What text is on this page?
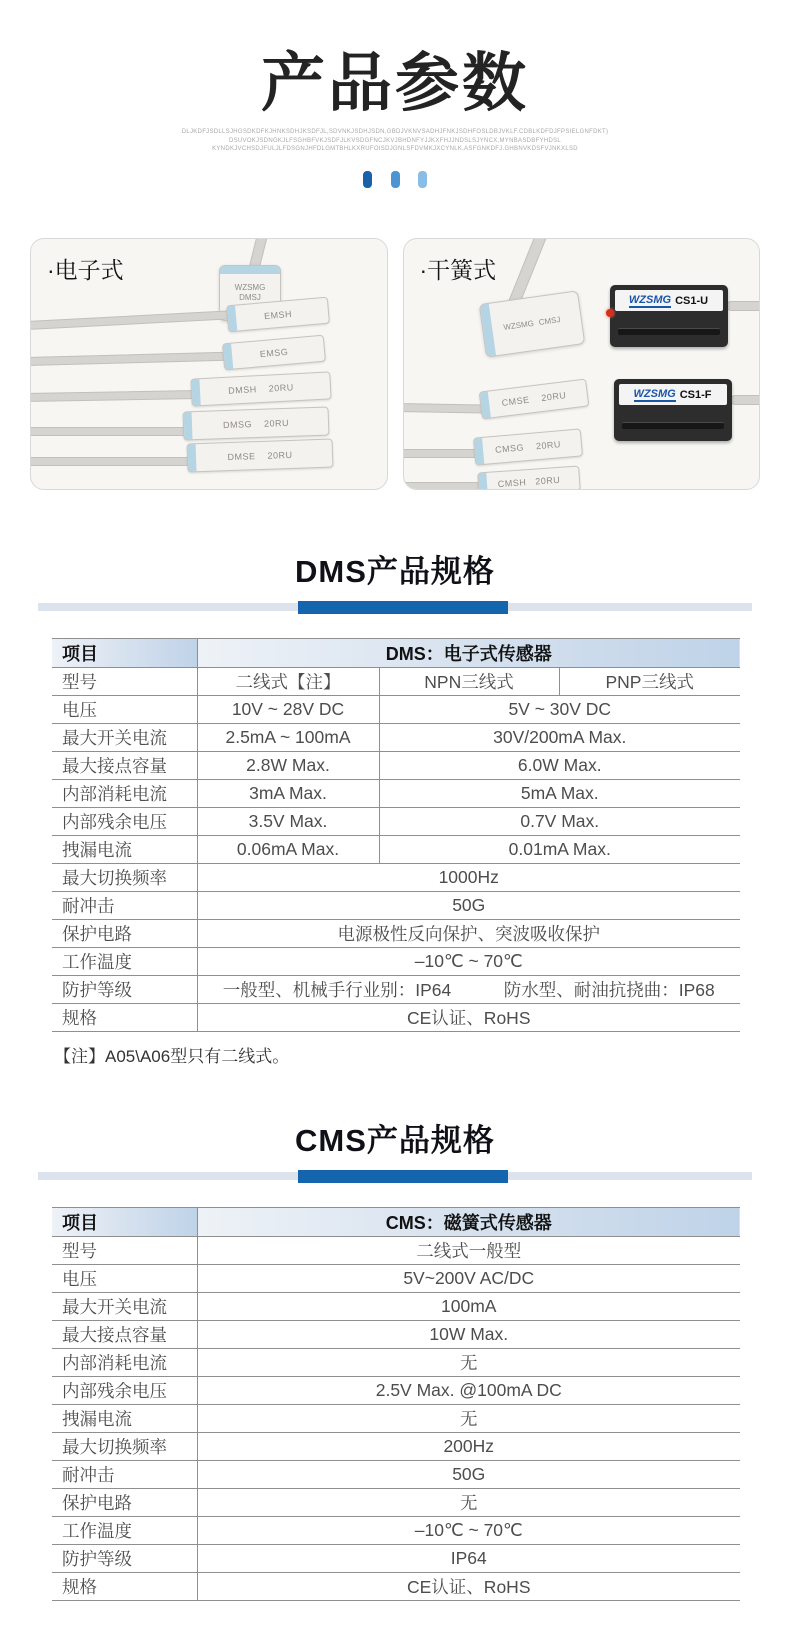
产品参数
DLJKDFJSDLLSJHGSDKDFKJHNKSDHJKSDFJL,SDVNKJSDHJSDN,GBDJVKNVSADHJFNKJSDHFOSLDBJVKLF.CDBLKDFDJFPSIELGNFDKT)
DSUVOKJSDNGKJLFSGHBFVKJSDFJLKVSDGFNCJKVJBHDNFYJJKXFHJJNDSLSJYNCX,MYNBASDBFYHDSL
KYNDKJVCHSDJFULJLFDSGNJHFDLGMTBHLKXRUFOISDJGNLSFDVMKJXCYNLK,ASFGNKDFJ.GHBNVKDSFVJNKXLSD

·电子式
WZSMG
DMSJ
EMSH
EMSG
DMSH    20RU
DMSG    20RU
DMSE    20RU
·干簧式
WZSMG CMSJ
CMSE    20RU
CMSG    20RU
CMSH   20RU
WZSMG CS1-U
WZSMG CS1-F
DMS产品规格
项目	DMS：电子式传感器		
型号	二线式【注】	NPN三线式	PNP三线式
电压	10V ~ 28V DC	5V ~ 30V DC	
最大开关电流	2.5mA ~ 100mA	30V/200mA Max.	
最大接点容量	2.8W Max.	6.0W Max.	
内部消耗电流	3mA Max.	5mA Max.	
内部残余电压	3.5V Max.	0.7V Max.	
拽漏电流	0.06mA Max.	0.01mA Max.	
最大切换频率	1000Hz		
耐冲击	50G		
保护电路	电源极性反向保护、突波吸收保护		
工作温度	–10℃ ~ 70℃		
防护等级	一般型、机械手行业别：IP64　　　防水型、耐油抗挠曲：IP68		
规格	CE认证、RoHS		
【注】A05\A06型只有二线式。
CMS产品规格
项目	CMS：磁簧式传感器
型号	二线式一般型
电压	5V~200V AC/DC
最大开关电流	100mA
最大接点容量	10W Max.
内部消耗电流	无
内部残余电压	2.5V Max. @100mA DC
拽漏电流	无
最大切换频率	200Hz
耐冲击	50G
保护电路	无
工作温度	–10℃ ~ 70℃
防护等级	IP64
规格	CE认证、RoHS
